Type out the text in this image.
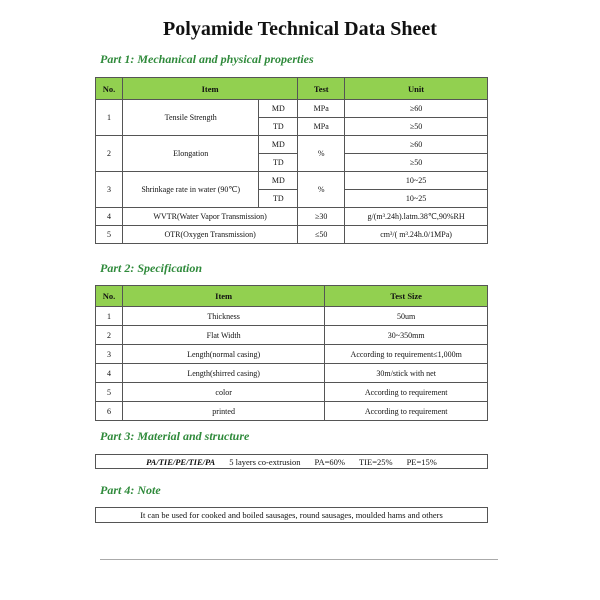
Polyamide Technical Data Sheet
Part 1: Mechanical and physical properties
No.	Item		Test	Unit
1	Tensile Strength	MD	MPa	≥60
		TD	MPa	≥50
2	Elongation	MD	%	≥60
		TD		≥50
3	Shrinkage rate in water (90℃)	MD	%	10~25
		TD		10~25
4	WVTR(Water Vapor Transmission)		≥30	g/(m³.24h).latm.38℃,90%RH
5	OTR(Oxygen Transmission)		≤50	cm³/( m³.24h.0/1MPa)
Part 2: Specification
No.	Item	Test Size
1	Thickness	50um
2	Flat Width	30~350mm
3	Length(normal casing)	According to requirement≤1,000m
4	Length(shirred casing)	30m/stick with net
5	color	According to requirement
6	printed	According to requirement
Part 3: Material and structure
PA/TIE/PE/TIE/PA 5 layers co-extrusion PA=60% TIE=25% PE=15%
Part 4: Note
It can be used for cooked and boiled sausages, round sausages, moulded hams and others
